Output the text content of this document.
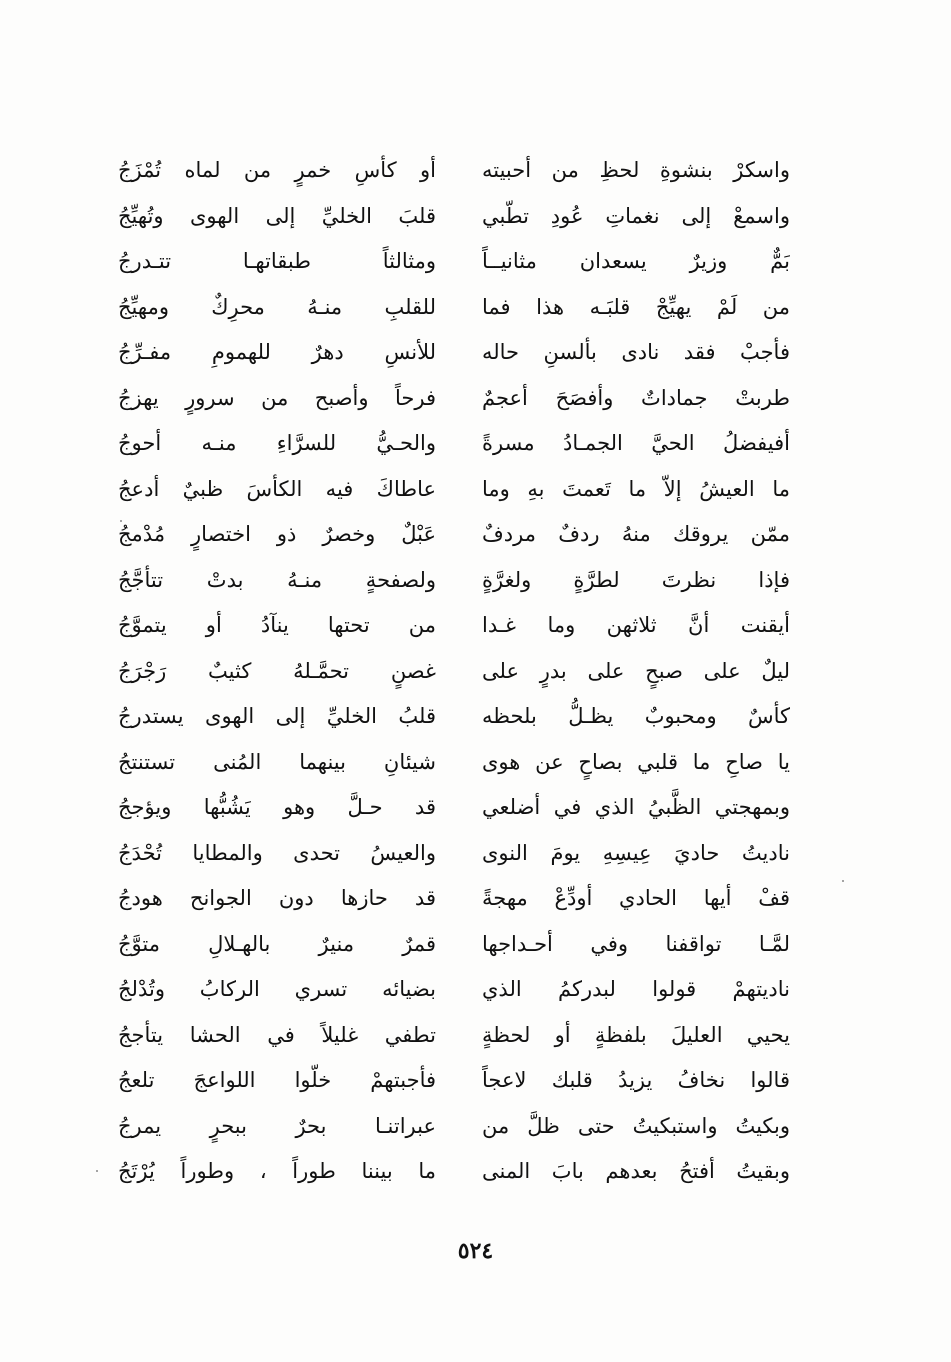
واسكرْ بنشوةِ لحظِ من أحبيته
أو كأسِ خمرٍ من لماه تُمْزَجُ
واسمعْ إلى نغماتِ عُودِ تطّبي
قلبَ الخليِّ إلى الهوى وتُهيِّجُ
بَمٌّ وزيرٌ يسعدان مثانيــاً
ومثالثاً طبقاتهـا تتـدرجُ
من لَمْ يهيِّجْ قلبَـه هذا فما
للقلبِ منـهُ محرِكٌ ومهيِّجُ
فأجبْ فقد نادى بألسنِ حاله
للأنسِ دهرٌ للهمومِ مفـرِّجُ
طربتْ جماداتٌ وأفصَحَ أعجمٌ
فرحاً وأصبح من سرورٍ يهزجُ
أفيفضلُ الحيَّ الجمـادُ مسرةً
والحـيُّ للسرَّاءِ منـه أحوجُ
ما العيشُ إلاّ ما تَعمتَ بهِ وما
عاطاكَ فيه الكأسَ ظبيٌ أدعجُ
ممّن يروقك منهُ ردفٌ مردفٌ
عَبْلٌ وخصرٌ ذو اختصارٍ مُدْمجُ
فإذا نظرتَ لطرَّةٍ ولغرَّةٍ
ولصفحةٍ منـهُ بدتْ تتأجَّجُ
أيقنت أنَّ ثلاثهن وما غـدا
من تحتها ينآدُ أو يتموَّجُ
ليلٌ على صبحٍ على بدرٍ على
غصنٍ تحمَّـلهُ كثيبٌ رَجْرَجُ
كأسٌ ومحبوبٌ يظـلُّ بلحظه
قلبُ الخليِّ إلى الهوى يستدرجُ
يا صاحِ ما قلبي بصاحٍ عن هوى
شيئانِ بينهما المُنى تستنتجُ
وبمهجتي الظَّبيُ الذي في أضلعي
قد حـلَّ وهو يَشُبُّها ويؤججُ
ناديتُ حاديَ عِيسِهِ يومَ النوى
والعيسُ تحدى والمطايا تُحْدَجُ
قفْ أيها الحادي أودِّعْ مهجةً
قد حازها دون الجوانح هودجُ
لمَّـا تواقفنا وفي أحـداجها
قمرٌ منيرٌ بالهـلالِ متوَّجُ
ناديتهمْ قولوا لبدركمُ الذي
بضيائه تسري الركابُ وتُدْلجُ
يحيي العليلَ بلفظةٍ أو لحظةٍ
تطفي غليلاً في الحشا يتأججُ
قالوا نخافُ يزيدُ قلبك لاعجاً
فأجبتهمْ خلّوا اللواعجَ تلعجُ
وبكيتُ واستبكيتُ حتى ظلَّ من
عبراتنـا بحرٌ ببحرٍ يمرجُ
وبقيتُ أفتحُ بعدهم بابَ المنى
ما بيننا طوراً ، وطوراً يُرْتَجُ
٥٢٤
